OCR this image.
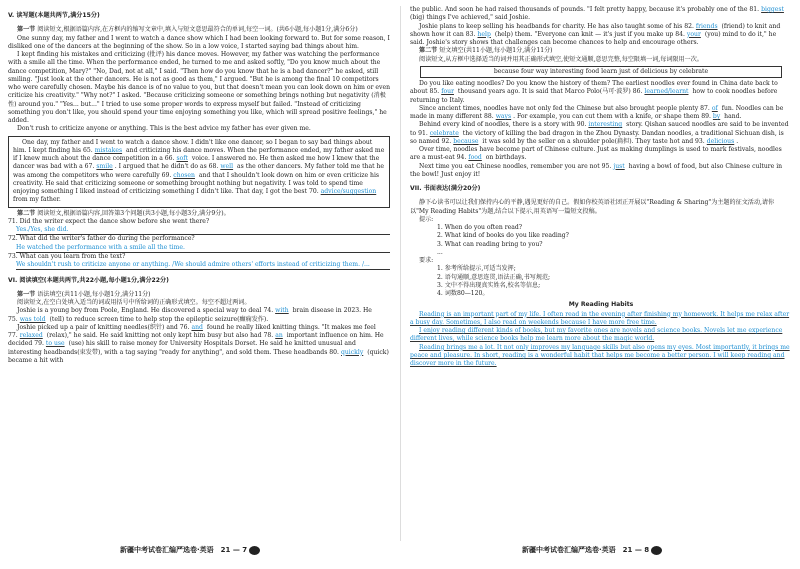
V. 读写题(本题共两节,满分15分)

第一节 阅读短文,根据语篇内容,在方框内的缩写文章中,填入与短文意思最符合的单词,每空一词。(共6小题,每小题1分,满分6分)

One sunny day, my father and I went to watch a dance show which I had been looking forward to. But for some reason, I disliked one of the dancers at the beginning of the show. So in a low voice, I started saying bad things about him.

I kept finding his mistakes and criticizing (批评) his dance moves. However, my father was watching the performance with a smile all the time. When the performance ended, he turned to me and asked softly, "Do you know much about the dance competition, Mary?" "No, Dad, not at all," I said. "Then how do you know that he is a bad dancer?" he asked, still smiling. "Just look at the other dancers. He is not as good as them," I argued. "But he is among the final 10 competitors who were carefully chosen. Maybe his dance is of no value to you, but that doesn't mean you can look down on him or even criticize his creativity." "Why not?" I asked. "Because criticizing someone or something brings nothing but negativity (消极性) around you." "Yes... but..." I tried to use some proper words to express myself but failed. "Instead of criticizing something you don't like, you should spend your time enjoying something you like, which will spread positive feelings," he added.

Don't rush to criticize anyone or anything. This is the best advice my father has ever given me.

One day, my father and I went to watch a dance show. I didn't like one dancer, so I began to say bad things about him. I kept finding his 65. mistakes and criticizing his dance moves. When the performance ended, my father asked me if I knew much about the dance competition in a 66. soft voice. I answered no. He then asked me how I knew that the dancer was bad with a 67. smile . I argued that he didn't do as 68. well as the other dancers. My father told me that he was among the competitors who were carefully 69. chosen and that I shouldn't look down on him or even criticize his creativity. He said that criticizing someone or something brought nothing but negativity. I was told to spend time enjoying something I liked instead of criticizing something I didn't like. That day, I got the best 70. advice/suggestion from my father.

第二节 阅读短文,根据语篇内容,回答第3个问题(共3小题,每小题3分,满分9分)。

71. Did the writer expect the dance show before she went there?

Yes./Yes, she did.

72. What did the writer's father do during the performance?

He watched the performance with a smile all the time.

73. What can you learn from the text?

We shouldn't rush to criticize anyone or anything. /We should admire others' efforts instead of criticizing them. /...

VI. 阅读填空(本题共两节,共22小题,每小题1分,满分22分)

第一节 语法填空(共11小题,每小题1分,满分11分)

阅读短文,在空白处填入适当的词或用括号中所给词的正确形式填空。每空不超过两词。

Joshie is a young boy from Poole, England. He discovered a special way to deal 74. with brain disease in 2023. He 75. was told (tell) to reduce screen time to help stop the epileptic seizure(癫痫发作).

Joshie picked up a pair of knitting needles(织针) and 76. and found he really liked knitting things. "It makes me feel 77. relaxed (relax)," he said. He said knitting not only kept him busy but also had 78. an important influence on him. He decided 79. to use (use) his skill to raise money for University Hospitals Dorset. He said he knitted unusual and interesting headbands(束发带), with a tag saying "ready for anything", and sold them. These headbands 80. quickly (quick) became a hit with

the public. And soon he had raised thousands of pounds. "I felt pretty happy, because it's probably one of the 81. biggest (big) things I've achieved," said Joshie.

Joshie plans to keep selling his headbands for charity. He has also taught some of his 82. friends (friend) to knit and shown how it can 83. help (help) them. "Everyone can knit — it's just if you make up 84. your (you) mind to do it," he said. Joshie's story shows that challenges can become chances to help and encourage others.

第二节 短文填空(共11小题,每小题1分,满分11分)

阅读短文,从方框中选择适当的词并用其正确形式填空,使短文通顺,意思完整,每空限填一词,每词限用一次。

because four way interesting food learn just of delicious by celebrate

Do you like eating noodles? Do you know the history of them? The earliest noodles ever found in China date back to about 85. four thousand years ago. It is said that Marco Polo(马可·波罗) 86. learned/learnt how to cook noodles before returning to Italy.

Since ancient times, noodles have not only fed the Chinese but also brought people plenty 87. of fun. Noodles can be made in many different 88. ways . For example, you can cut them with a knife, or shape them 89. by hand.

Behind every kind of noodles, there is a story with 90. interesting story. Qishan sauced noodles are said to be invented to 91. celebrate the victory of killing the bad dragon in the Zhou Dynasty. Dandan noodles, a traditional Sichuan dish, is so named 92. because it was sold by the seller on a shoulder pole(扁担). They taste hot and 93. delicious .

Over time, noodles have become part of Chinese culture. Just as making dumplings is used to mark festivals, noodles are a must-eat 94. food on birthdays.

Next time you eat Chinese noodles, remember you are not 95. just having a bowl of food, but also Chinese culture in the bowl! Just enjoy it!

VII. 书面表达(满分20分)

静下心读书可以让我们保持内心的平静,遇见更好的自己。假如你校英语社团正开展以"Reading & Sharing"为主题的征文活动,请你以"My Reading Habits"为题,结合以下提示,用英语写一篇短文投稿。

提示:

1. When do you often read?

2. What kind of books do you like reading?

3. What can reading bring to you?

...

要求:

1. 参考所给提示,可适当发挥;

2. 语句通顺,意思连贯,语法正确,书写规范;

3. 文中不得出现真实姓名,校名等信息;

4. 词数80—120。

My Reading Habits

Reading is an important part of my life. I often read in the evening after finishing my homework. It helps me relax after a busy day. Sometimes, I also read on weekends because I have more free time.

I enjoy reading different kinds of books, but my favorite ones are novels and science books. Novels let me experience different lives, while science books help me learn more about the magic world.

Reading brings me a lot. It not only improves my language skills but also opens my eyes. Most importantly, it brings me peace and pleasure. In short, reading is a wonderful habit that helps me become a better person. I will keep reading and discover more in the future.

新疆中考试卷汇编严选卷·英语　21 — 7	新疆中考试卷汇编严选卷·英语　21 — 8
